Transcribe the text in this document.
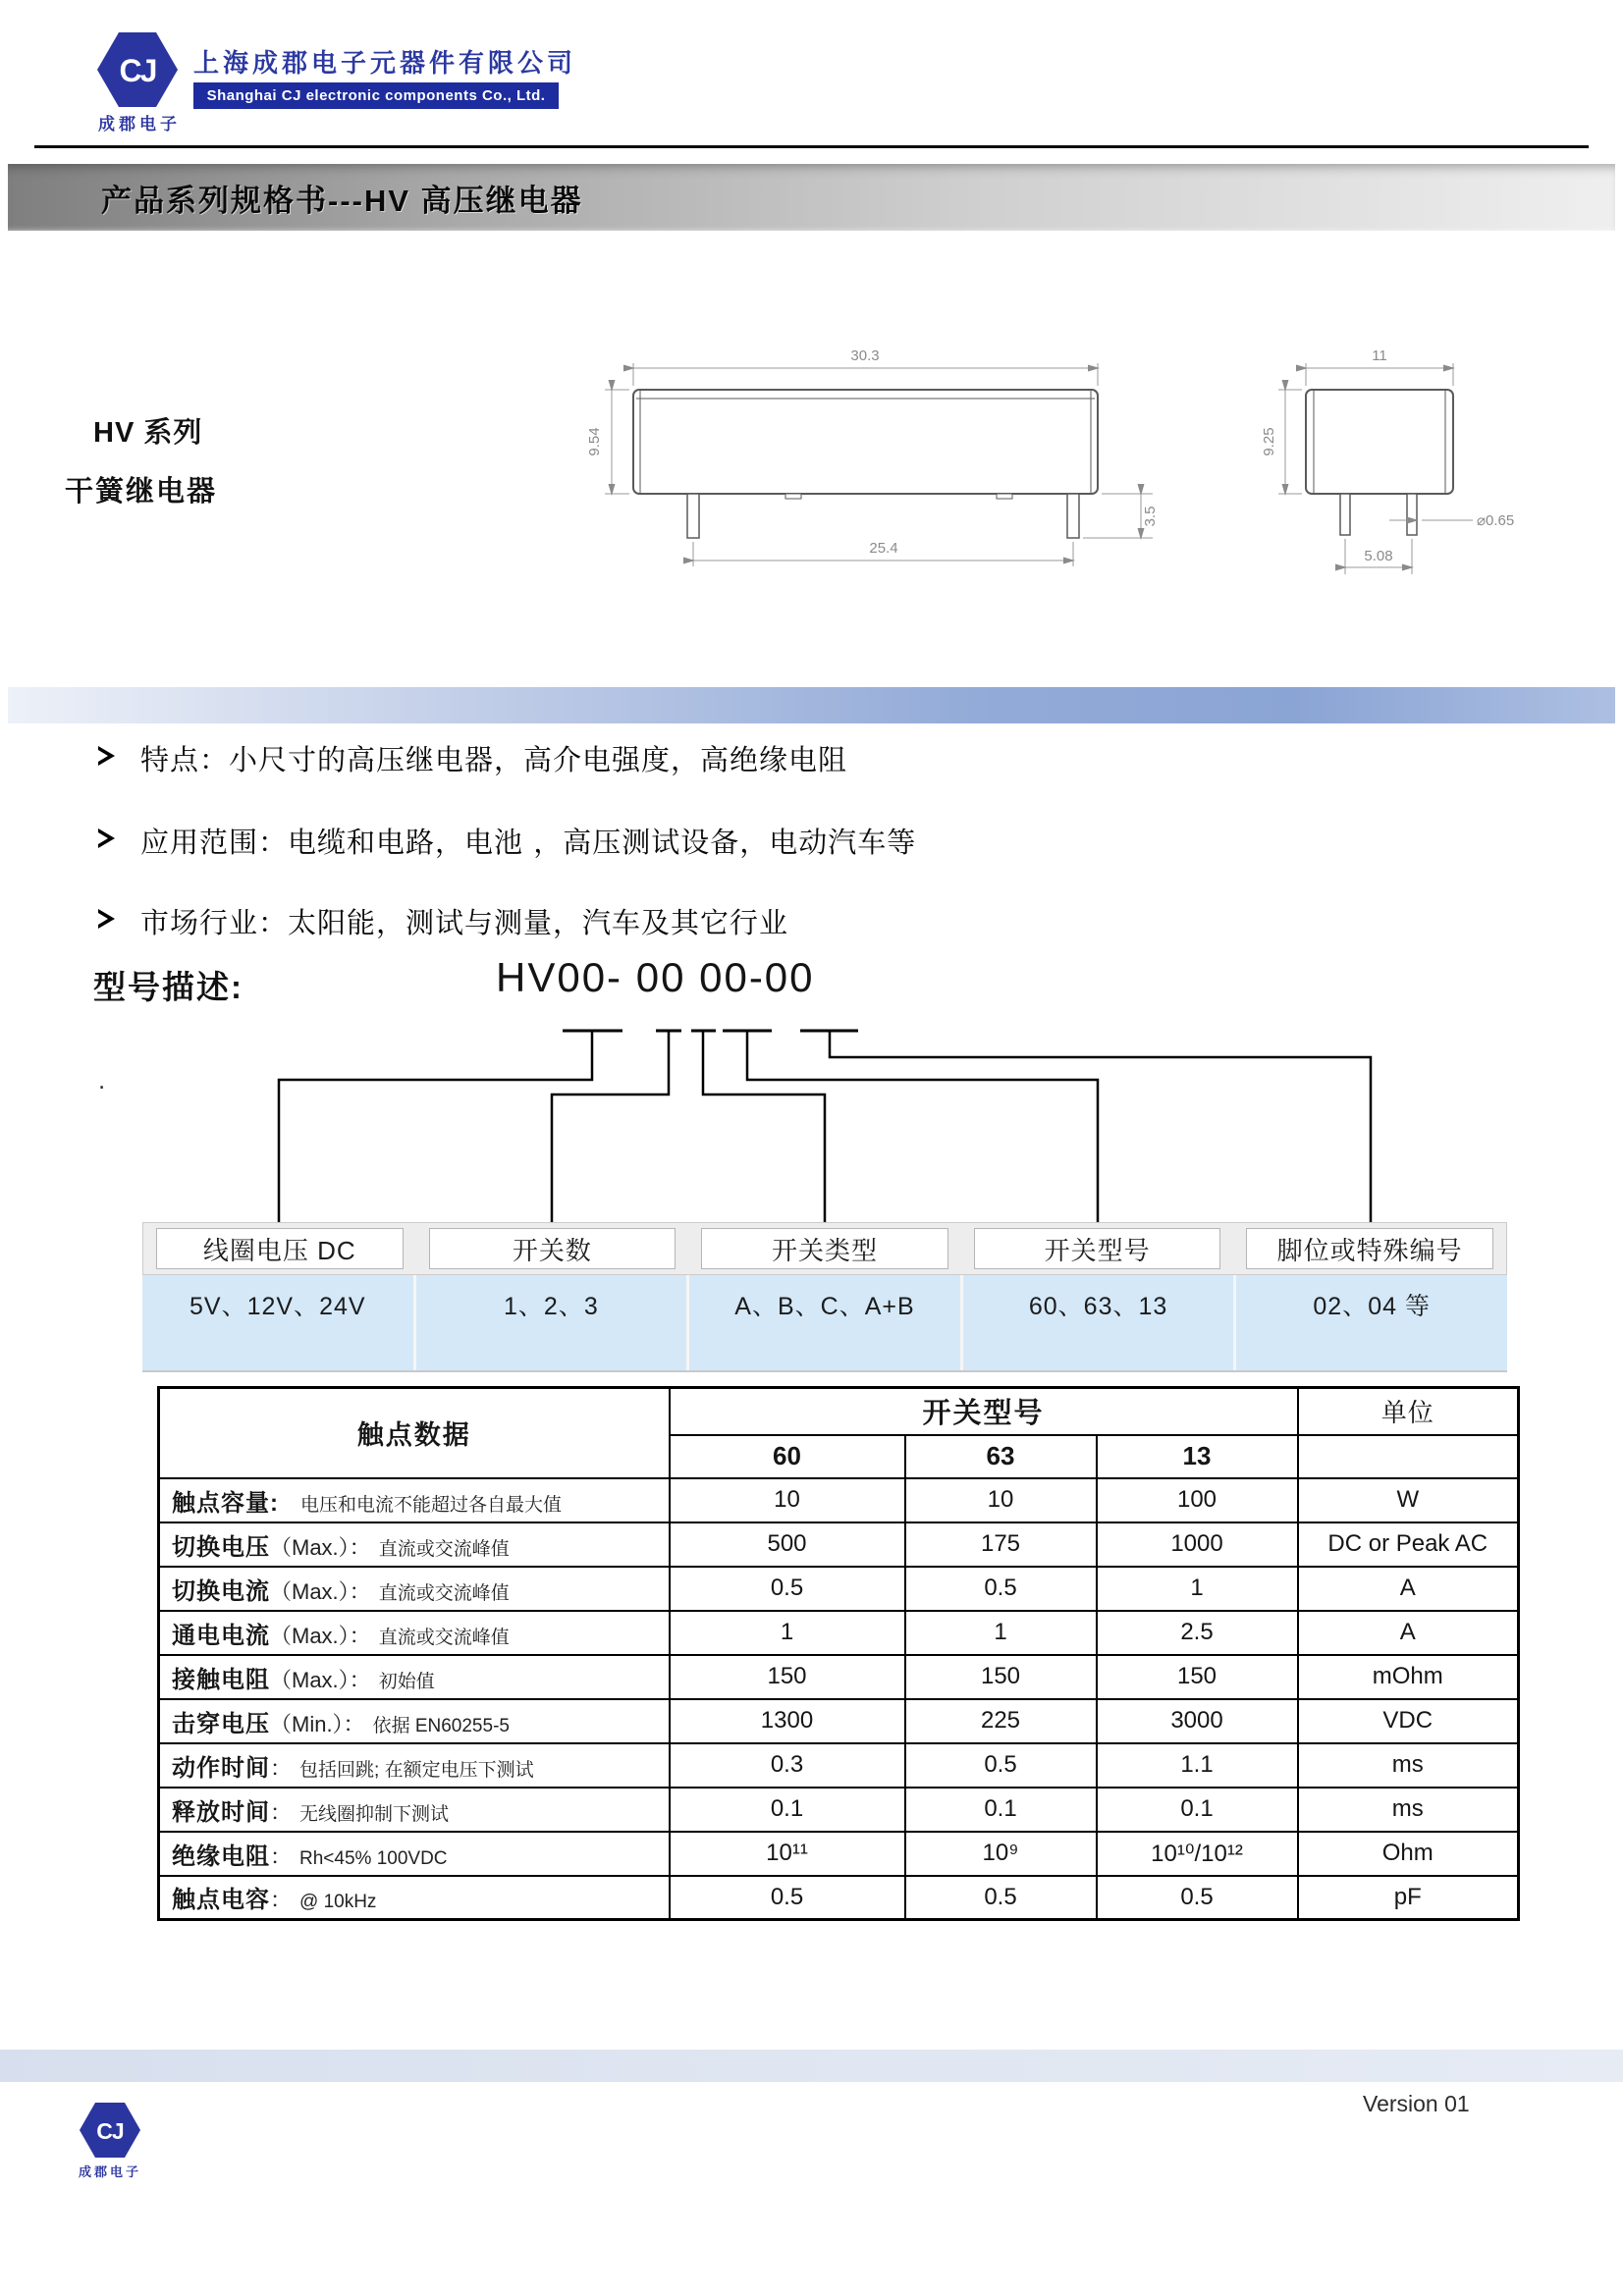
CJ
成郡电子
上海成郡电子元器件有限公司
Shanghai CJ electronic components Co., Ltd.
产品系列规格书---HV 高压继电器
HV 系列
干簧继电器
30.3
9.54
25.4
3.5
11
9.25
5.08
⌀0.65
特点：小尺寸的高压继电器，高介电强度，高绝缘电阻
应用范围：电缆和电路，电池 ，高压测试设备，电动汽车等
市场行业：太阳能，测试与测量，汽车及其它行业
型号描述:	HV00- 00 00-00
.
线圈电压 DC	开关数	开关类型	开关型号	脚位或特殊编号
5V、12V、24V	1、2、3	A、B、C、A+B	60、63、13	02、04 等
触点数据	开关型号			单位
	60	63	13	
触点容量: 电压和电流不能超过各自最大值	10	10	100	W
切换电压（Max.）： 直流或交流峰值	500	175	1000	DC or Peak AC
切换电流（Max.）： 直流或交流峰值	0.5	0.5	1	A
通电电流（Max.）： 直流或交流峰值	1	1	2.5	A
接触电阻（Max.）： 初始值	150	150	150	mOhm
击穿电压（Min.）： 依据 EN60255-5	1300	225	3000	VDC
动作时间： 包括回跳; 在额定电压下测试	0.3	0.5	1.1	ms
释放时间： 无线圈抑制下测试	0.1	0.1	0.1	ms
绝缘电阻： Rh<45% 100VDC	10¹¹	10⁹	10¹⁰/10¹²	Ohm
触点电容： @ 10kHz	0.5	0.5	0.5	pF
Version 01
CJ
成郡电子
